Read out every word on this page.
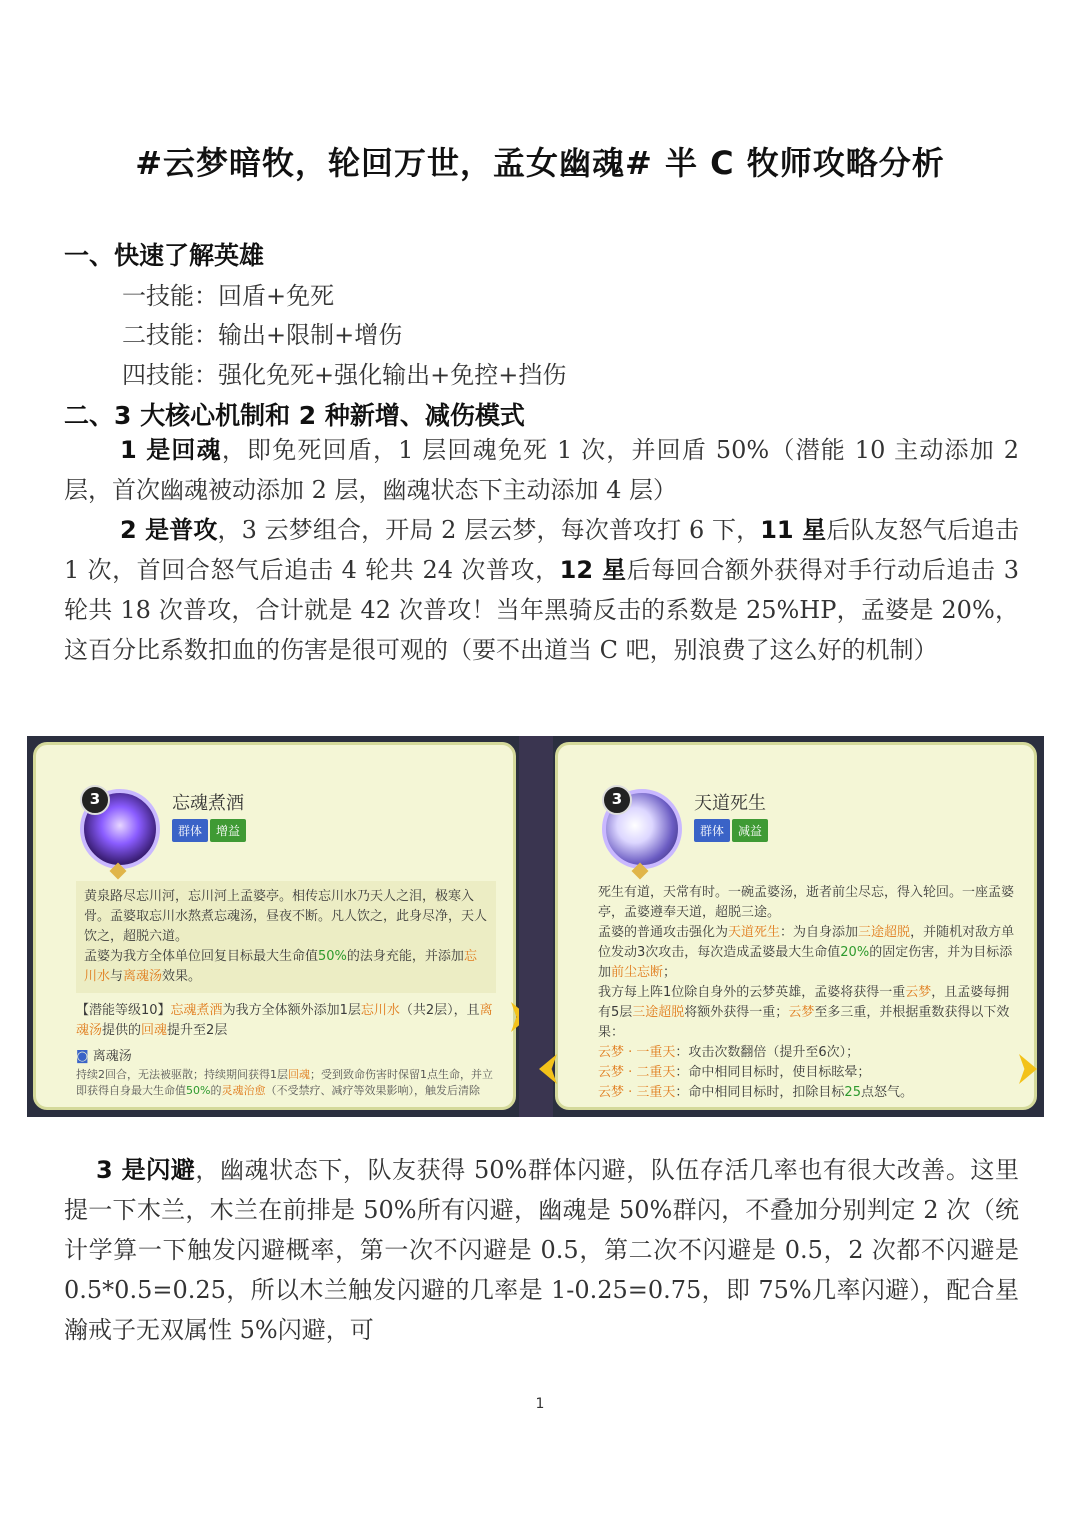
#云梦暗牧，轮回万世，孟女幽魂# 半 C 牧师攻略分析
一、快速了解英雄
一技能：回盾+免死
二技能：输出+限制+增伤
四技能：强化免死+强化输出+免控+挡伤
二、3 大核心机制和 2 种新增、减伤模式
1 是回魂，即免死回盾，1 层回魂免死 1 次，并回盾 50%（潜能 10 主动添加 2 层，首次幽魂被动添加 2 层，幽魂状态下主动添加 4 层）
2 是普攻，3 云梦组合，开局 2 层云梦，每次普攻打 6 下，11 星后队友怒气后追击 1 次，首回合怒气后追击 4 轮共 24 次普攻，12 星后每回合额外获得对手行动后追击 3 轮共 18 次普攻，合计就是 42 次普攻！当年黑骑反击的系数是 25%HP，孟婆是 20%，这百分比系数扣血的伤害是很可观的（要不出道当 C 吧，别浪费了这么好的机制）
3	忘魂煮酒
群体 增益
黄泉路尽忘川河，忘川河上孟婆亭。相传忘川水乃天人之泪，极寒入骨。孟婆取忘川水熬煮忘魂汤，昼夜不断。凡人饮之，此身尽净，天人饮之，超脱六道。
孟婆为我方全体单位回复目标最大生命值50%的法身充能，并添加忘川水与离魂汤效果。
【潜能等级10】忘魂煮酒为我方全体额外添加1层忘川水（共2层），且离魂汤提供的回魂提升至2层
◙ 离魂汤
持续2回合，无法被驱散；持续期间获得1层回魂；受到致命伤害时保留1点生命，并立即获得自身最大生命值50%的灵魂治愈（不受禁疗、减疗等效果影响），触发后清除
3	天道死生
群体 减益
死生有道，天常有时。一碗孟婆汤，逝者前尘尽忘，得入轮回。一座孟婆亭，孟婆遵奉天道，超脱三途。
孟婆的普通攻击强化为天道死生：为自身添加三途超脱，并随机对敌方单位发动3次攻击，每次造成孟婆最大生命值20%的固定伤害，并为目标添加前尘忘断；
我方每上阵1位除自身外的云梦英雄，孟婆将获得一重云梦，且孟婆每拥有5层三途超脱将额外获得一重；云梦至多三重，并根据重数获得以下效果：
云梦 · 一重天：攻击次数翻倍（提升至6次）；
云梦 · 二重天：命中相同目标时，使目标眩晕；
云梦 · 三重天：命中相同目标时，扣除目标25点怒气。
3 是闪避，幽魂状态下，队友获得 50%群体闪避，队伍存活几率也有很大改善。这里提一下木兰，木兰在前排是 50%所有闪避，幽魂是 50%群闪，不叠加分别判定 2 次（统计学算一下触发闪避概率，第一次不闪避是 0.5，第二次不闪避是 0.5，2 次都不闪避是 0.5*0.5=0.25，所以木兰触发闪避的几率是 1-0.25=0.75，即 75%几率闪避），配合星瀚戒子无双属性 5%闪避，可
1
